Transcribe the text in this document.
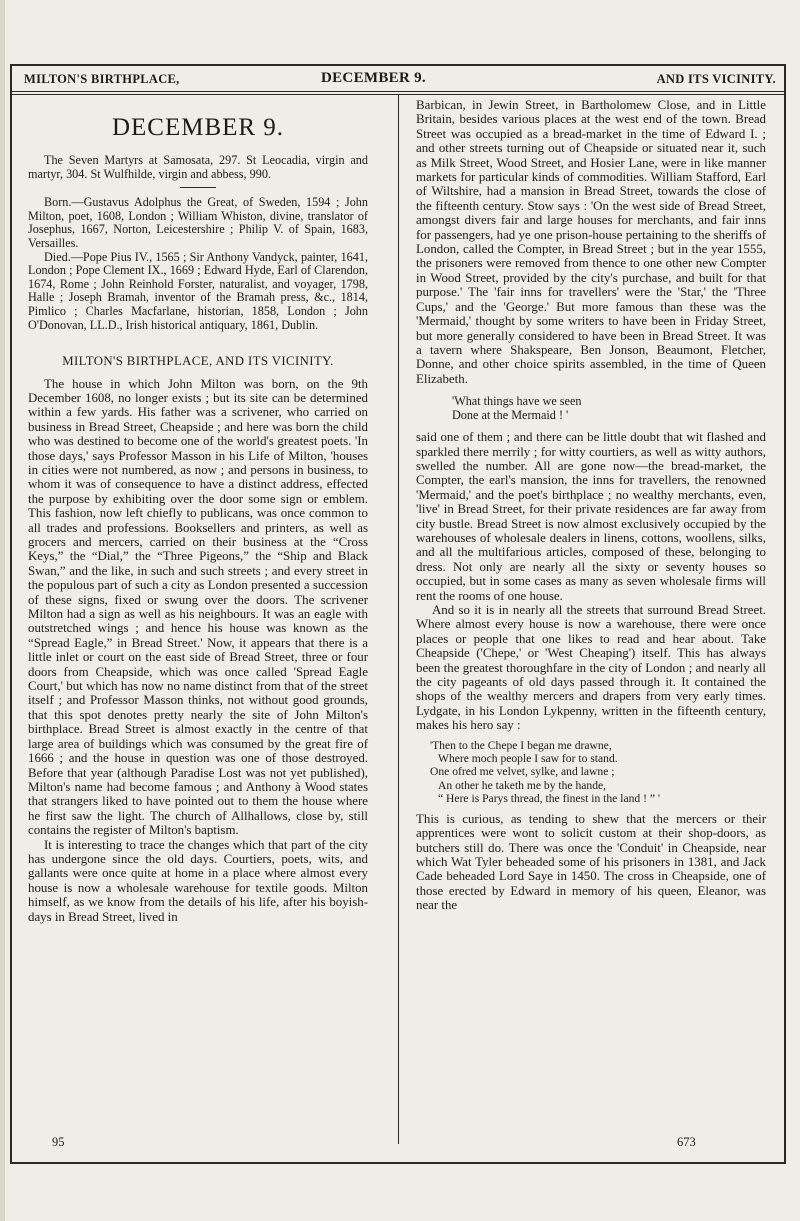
MILTON'S BIRTHPLACE,	DECEMBER 9.	AND ITS VICINITY.
DECEMBER 9.

The Seven Martyrs at Samosata, 297. St Leocadia, virgin and martyr, 304. St Wulfhilde, virgin and abbess, 990.

Born.—Gustavus Adolphus the Great, of Sweden, 1594 ; John Milton, poet, 1608, London ; William Whiston, divine, translator of Josephus, 1667, Norton, Leicestershire ; Philip V. of Spain, 1683, Versailles.

Died.—Pope Pius IV., 1565 ; Sir Anthony Vandyck, painter, 1641, London ; Pope Clement IX., 1669 ; Edward Hyde, Earl of Clarendon, 1674, Rome ; John Reinhold Forster, naturalist, and voyager, 1798, Halle ; Joseph Bramah, inventor of the Bramah press, &c., 1814, Pimlico ; Charles Macfarlane, historian, 1858, London ; John O'Donovan, LL.D., Irish historical antiquary, 1861, Dublin.

MILTON'S BIRTHPLACE, AND ITS VICINITY.

The house in which John Milton was born, on the 9th December 1608, no longer exists ; but its site can be determined within a few yards. His father was a scrivener, who carried on business in Bread Street, Cheapside ; and here was born the child who was destined to become one of the world's greatest poets. 'In those days,' says Professor Masson in his Life of Milton, 'houses in cities were not numbered, as now ; and persons in business, to whom it was of consequence to have a distinct address, effected the purpose by exhibiting over the door some sign or emblem. This fashion, now left chiefly to publicans, was once common to all trades and professions. Booksellers and printers, as well as grocers and mercers, carried on their business at the “Cross Keys,” the “Dial,” the “Three Pigeons,” the “Ship and Black Swan,” and the like, in such and such streets ; and every street in the populous part of such a city as London presented a succession of these signs, fixed or swung over the doors. The scrivener Milton had a sign as well as his neighbours. It was an eagle with outstretched wings ; and hence his house was known as the “Spread Eagle,” in Bread Street.' Now, it appears that there is a little inlet or court on the east side of Bread Street, three or four doors from Cheapside, which was once called 'Spread Eagle Court,' but which has now no name distinct from that of the street itself ; and Professor Masson thinks, not without good grounds, that this spot denotes pretty nearly the site of John Milton's birthplace. Bread Street is almost exactly in the centre of that large area of buildings which was consumed by the great fire of 1666 ; and the house in question was one of those destroyed. Before that year (although Paradise Lost was not yet published), Milton's name had become famous ; and Anthony à Wood states that strangers liked to have pointed out to them the house where he first saw the light. The church of Allhallows, close by, still contains the register of Milton's baptism.

It is interesting to trace the changes which that part of the city has undergone since the old days. Courtiers, poets, wits, and gallants were once quite at home in a place where almost every house is now a wholesale warehouse for textile goods. Milton himself, as we know from the details of his life, after his boyish-days in Bread Street, lived in

Barbican, in Jewin Street, in Bartholomew Close, and in Little Britain, besides various places at the west end of the town. Bread Street was occupied as a bread-market in the time of Edward I. ; and other streets turning out of Cheapside or situated near it, such as Milk Street, Wood Street, and Hosier Lane, were in like manner markets for particular kinds of commodities. William Stafford, Earl of Wiltshire, had a mansion in Bread Street, towards the close of the fifteenth century. Stow says : 'On the west side of Bread Street, amongst divers fair and large houses for merchants, and fair inns for passengers, had ye one prison-house pertaining to the sheriffs of London, called the Compter, in Bread Street ; but in the year 1555, the prisoners were removed from thence to one other new Compter in Wood Street, provided by the city's purchase, and built for that purpose.' The 'fair inns for travellers' were the 'Star,' the 'Three Cups,' and the 'George.' But more famous than these was the 'Mermaid,' thought by some writers to have been in Friday Street, but more generally considered to have been in Bread Street. It was a tavern where Shakspeare, Ben Jonson, Beaumont, Fletcher, Donne, and other choice spirits assembled, in the time of Queen Elizabeth.

'What things have we seen
Done at the Mermaid ! '

said one of them ; and there can be little doubt that wit flashed and sparkled there merrily ; for witty courtiers, as well as witty authors, swelled the number. All are gone now—the bread-market, the Compter, the earl's mansion, the inns for travellers, the renowned 'Mermaid,' and the poet's birthplace ; no wealthy merchants, even, 'live' in Bread Street, for their private residences are far away from city bustle. Bread Street is now almost exclusively occupied by the warehouses of wholesale dealers in linens, cottons, woollens, silks, and all the multifarious articles, composed of these, belonging to dress. Not only are nearly all the sixty or seventy houses so occupied, but in some cases as many as seven wholesale firms will rent the rooms of one house.

And so it is in nearly all the streets that surround Bread Street. Where almost every house is now a warehouse, there were once places or people that one likes to read and hear about. Take Cheapside ('Chepe,' or 'West Cheaping') itself. This has always been the greatest thoroughfare in the city of London ; and nearly all the city pageants of old days passed through it. It contained the shops of the wealthy mercers and drapers from very early times. Lydgate, in his London Lykpenny, written in the fifteenth century, makes his hero say :

'Then to the Chepe I began me drawne,
Where moch people I saw for to stand.
One ofred me velvet, sylke, and lawne ;
An other he taketh me by the hande,
“ Here is Parys thread, the finest in the land ! ” '

This is curious, as tending to shew that the mercers or their apprentices were wont to solicit custom at their shop-doors, as butchers still do. There was once the 'Conduit' in Cheapside, near which Wat Tyler beheaded some of his prisoners in 1381, and Jack Cade beheaded Lord Saye in 1450. The cross in Cheapside, one of those erected by Edward in memory of his queen, Eleanor, was near the

95	673
